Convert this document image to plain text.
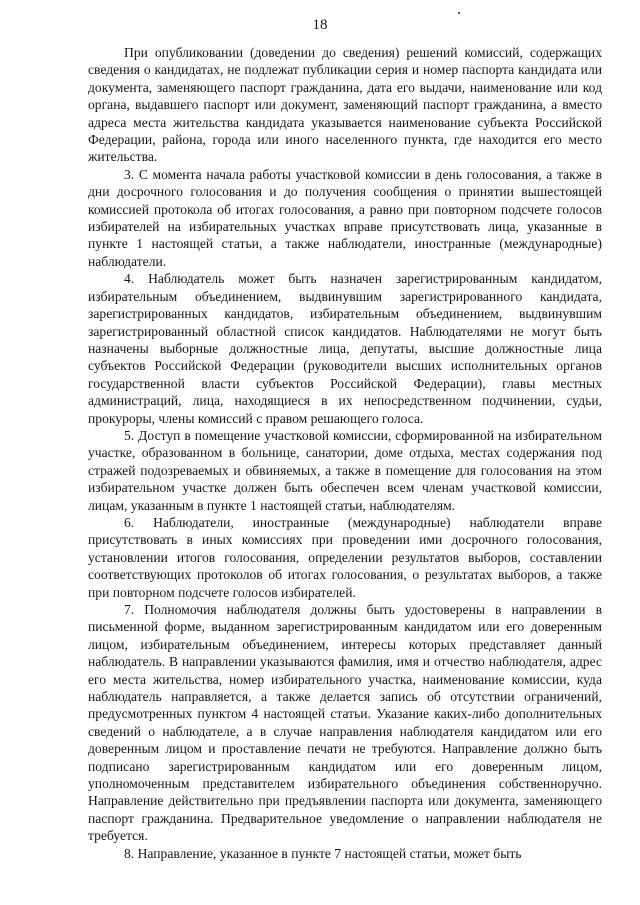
18

При опубликовании (доведении до сведения) решений комиссий, содержащих сведения о кандидатах, не подлежат публикации серия и номер паспорта кандидата или документа, заменяющего паспорт гражданина, дата его выдачи, наименование или код органа, выдавшего паспорт или документ, заменяющий паспорт гражданина, а вместо адреса места жительства кандидата указывается наименование субъекта Российской Федерации, района, города или иного населенного пункта, где находится его место жительства.

3. С момента начала работы участковой комиссии в день голосования, а также в дни досрочного голосования и до получения сообщения о принятии вышестоящей комиссией протокола об итогах голосования, а равно при повторном подсчете голосов избирателей на избирательных участках вправе присутствовать лица, указанные в пункте 1 настоящей статьи, а также наблюдатели, иностранные (международные) наблюдатели.

4. Наблюдатель может быть назначен зарегистрированным кандидатом, избирательным объединением, выдвинувшим зарегистрированного кандидата, зарегистрированных кандидатов, избирательным объединением, выдвинувшим зарегистрированный областной список кандидатов. Наблюдателями не могут быть назначены выборные должностные лица, депутаты, высшие должностные лица субъектов Российской Федерации (руководители высших исполнительных органов государственной власти субъектов Российской Федерации), главы местных администраций, лица, находящиеся в их непосредственном подчинении, судьи, прокуроры, члены комиссий с правом решающего голоса.

5. Доступ в помещение участковой комиссии, сформированной на избирательном участке, образованном в больнице, санатории, доме отдыха, местах содержания под стражей подозреваемых и обвиняемых, а также в помещение для голосования на этом избирательном участке должен быть обеспечен всем членам участковой комиссии, лицам, указанным в пункте 1 настоящей статьи, наблюдателям.

6. Наблюдатели, иностранные (международные) наблюдатели вправе присутствовать в иных комиссиях при проведении ими досрочного голосования, установлении итогов голосования, определении результатов выборов, составлении соответствующих протоколов об итогах голосования, о результатах выборов, а также при повторном подсчете голосов избирателей.

7. Полномочия наблюдателя должны быть удостоверены в направлении в письменной форме, выданном зарегистрированным кандидатом или его доверенным лицом, избирательным объединением, интересы которых представляет данный наблюдатель. В направлении указываются фамилия, имя и отчество наблюдателя, адрес его места жительства, номер избирательного участка, наименование комиссии, куда наблюдатель направляется, а также делается запись об отсутствии ограничений, предусмотренных пунктом 4 настоящей статьи. Указание каких-либо дополнительных сведений о наблюдателе, а в случае направления наблюдателя кандидатом или его доверенным лицом и проставление печати не требуются. Направление должно быть подписано зарегистрированным кандидатом или его доверенным лицом, уполномоченным представителем избирательного объединения собственноручно. Направление действительно при предъявлении паспорта или документа, заменяющего паспорт гражданина. Предварительное уведомление о направлении наблюдателя не требуется.

8. Направление, указанное в пункте 7 настоящей статьи, может быть
